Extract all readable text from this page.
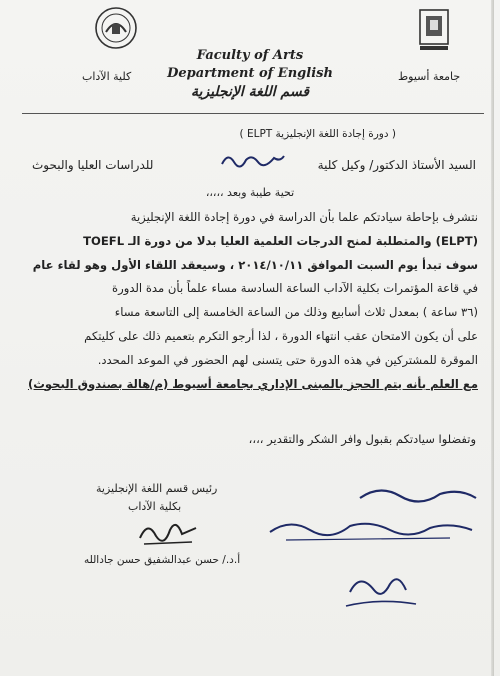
كلية الآداب	جامعة أسيوط
Faculty of Arts
Department of English
قسم اللغة الإنجليزية
( دورة إجادة اللغة الإنجليزية ELPT )
السيد الأستاذ الدكتور/ وكيل كلية
للدراسات العليا والبحوث
تحية طيبة وبعد ،،،،،
نتشرف بإحاطة سيادتكم علما بأن الدراسة في دورة إجادة اللغة الإنجليزية
(ELPT) والمتطلبة لمنح الدرجات العلمية العليا بدلا من دورة الـ TOEFL
سوف تبدأ يوم السبت الموافق ٢٠١٤/١٠/١١ ، وسيعقد اللقاء الأول وهو لقاء عام
في قاعة المؤتمرات بكلية الآداب الساعة السادسة مساء علماً بأن مدة الدورة
(٣٦ ساعة ) بمعدل ثلاث أسابيع وذلك من الساعة الخامسة إلى التاسعة مساء
على أن يكون الامتحان عقب انتهاء الدورة ، لذا أرجو التكرم بتعميم ذلك على كليتكم
الموقرة للمشتركين في هذه الدورة حتى يتسنى لهم الحضور في الموعد المحدد.
مع العلم بأنه يتم الحجز بالمبنى الإداري بجامعة أسيوط (م/هالة بصندوق البحوث)
وتفضلوا سيادتكم بقبول وافر الشكر والتقدير ،،،،
رئيس قسم اللغة الإنجليزية
بكلية الآداب
أ.د./ حسن عبدالشفيق حسن جادالله
